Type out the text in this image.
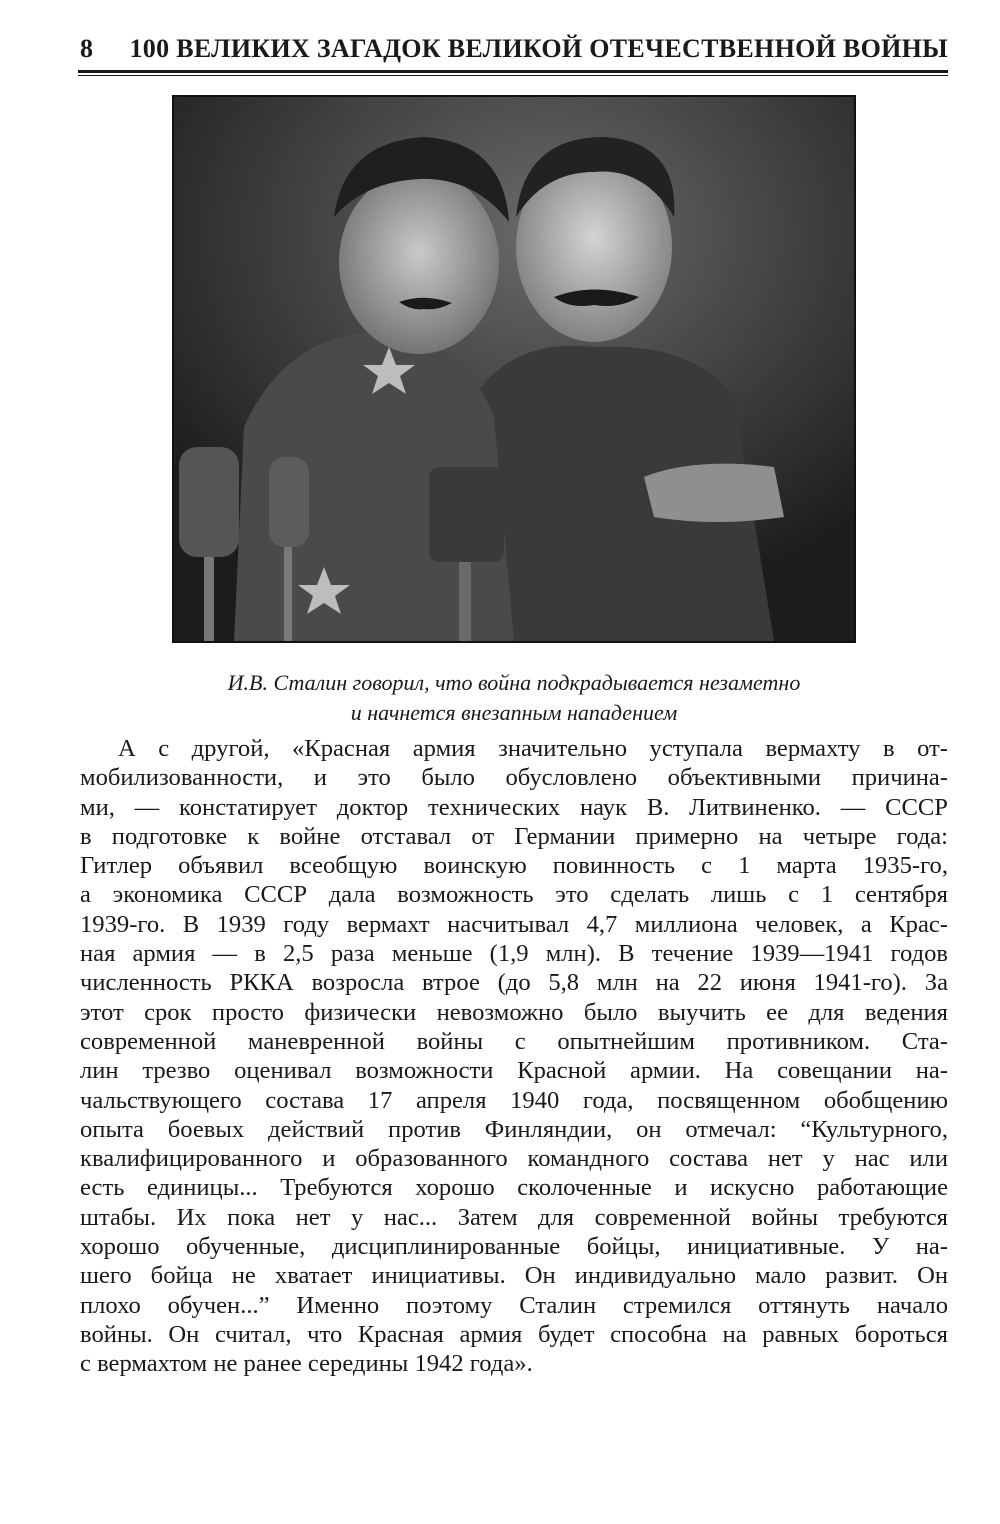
8 100 ВЕЛИКИХ ЗАГАДОК ВЕЛИКОЙ ОТЕЧЕСТВЕННОЙ ВОЙНЫ
И.В. Сталин говорил, что война подкрадывается незаметно
и начнется внезапным нападением
А с другой, «Красная армия значительно уступала вермахту в от-
мобилизованности, и это было обусловлено объективными причина-
ми, — констатирует доктор технических наук В. Литвиненко. — СССР
в подготовке к войне отставал от Германии примерно на четыре года:
Гитлер объявил всеобщую воинскую повинность с 1 марта 1935-го,
а экономика СССР дала возможность это сделать лишь с 1 сентября
1939-го. В 1939 году вермахт насчитывал 4,7 миллиона человек, а Крас-
ная армия — в 2,5 раза меньше (1,9 млн). В течение 1939—1941 годов
численность РККА возросла втрое (до 5,8 млн на 22 июня 1941-го). За
этот срок просто физически невозможно было выучить ее для ведения
современной маневренной войны с опытнейшим противником. Ста-
лин трезво оценивал возможности Красной армии. На совещании на-
чальствующего состава 17 апреля 1940 года, посвященном обобщению
опыта боевых действий против Финляндии, он отмечал: “Культурного,
квалифицированного и образованного командного состава нет у нас или
есть единицы... Требуются хорошо сколоченные и искусно работающие
штабы. Их пока нет у нас... Затем для современной войны требуются
хорошо обученные, дисциплинированные бойцы, инициативные. У на-
шего бойца не хватает инициативы. Он индивидуально мало развит. Он
плохо обучен...” Именно поэтому Сталин стремился оттянуть начало
войны. Он считал, что Красная армия будет способна на равных бороться
с вермахтом не ранее середины 1942 года».
